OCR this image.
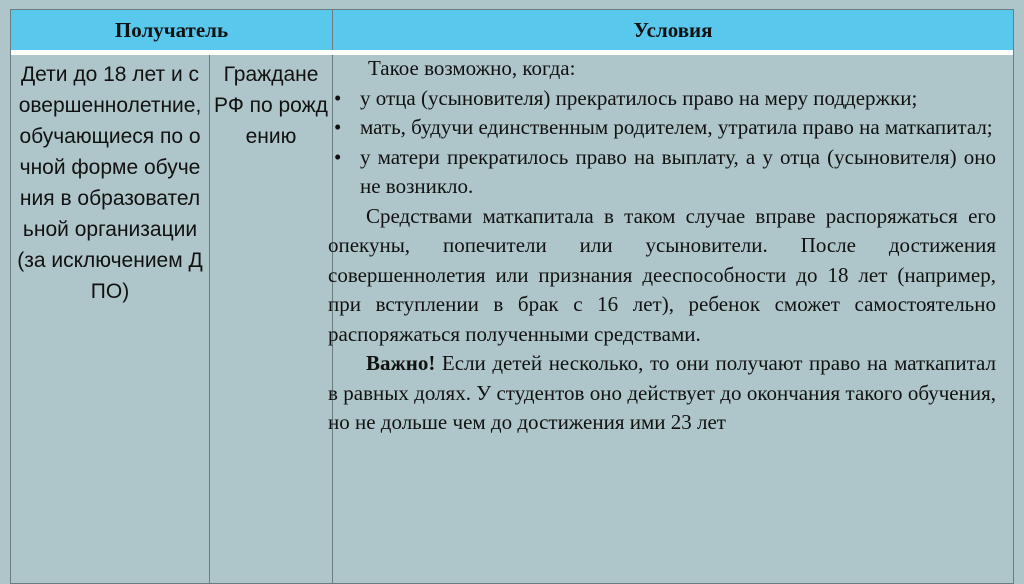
Получатель	Условия
Дети до 18 лет и совершеннолетние, обучающиеся по очной форме обучения в образовательной организации (за исключением ДПО)
Граждане РФ по рождению
Такое возможно, когда:
• у отца (усыновителя) прекратилось право на меру поддержки;
• мать, будучи единственным родителем, утратила право на маткапитал;
• у матери прекратилось право на выплату, а у отца (усыновителя) оно не возникло.

Средствами маткапитала в таком случае вправе распоряжаться его опекуны, попечители или усыновители. После достижения совершеннолетия или признания дееспособности до 18 лет (например, при вступлении в брак с 16 лет), ребенок сможет самостоятельно распоряжаться полученными средствами.

Важно! Если детей несколько, то они получают право на маткапитал в равных долях. У студентов оно действует до окончания такого обучения, но не дольше чем до достижения ими 23 лет
